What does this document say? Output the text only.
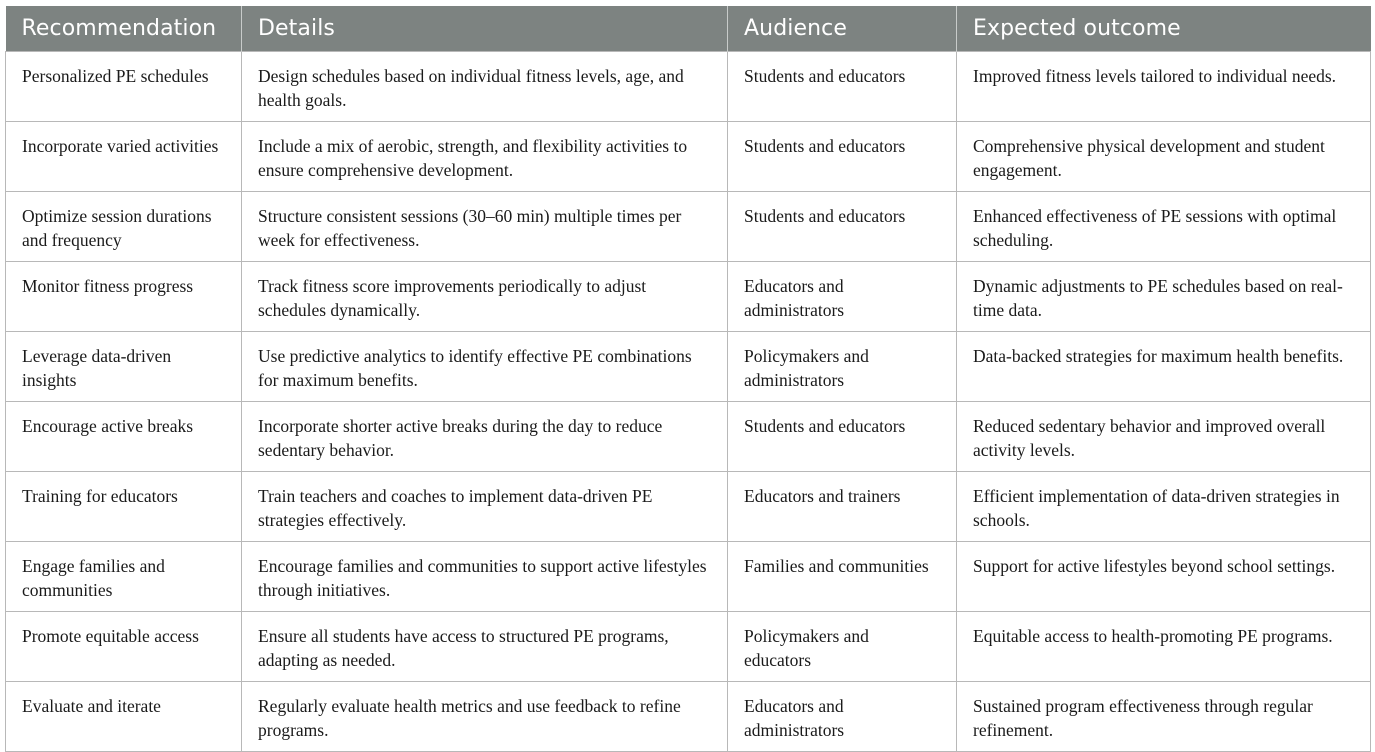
Recommendation	Details	Audience	Expected outcome
Personalized PE schedules	Design schedules based on individual fitness levels, age, and health goals.	Students and educators	Improved fitness levels tailored to individual needs.
Incorporate varied activities	Include a mix of aerobic, strength, and flexibility activities to ensure comprehensive development.	Students and educators	Comprehensive physical development and student engagement.
Optimize session durations and frequency	Structure consistent sessions (30–60 min) multiple times per week for effectiveness.	Students and educators	Enhanced effectiveness of PE sessions with optimal scheduling.
Monitor fitness progress	Track fitness score improvements periodically to adjust schedules dynamically.	Educators and administrators	Dynamic adjustments to PE schedules based on real-time data.
Leverage data-driven insights	Use predictive analytics to identify effective PE combinations for maximum benefits.	Policymakers and administrators	Data-backed strategies for maximum health benefits.
Encourage active breaks	Incorporate shorter active breaks during the day to reduce sedentary behavior.	Students and educators	Reduced sedentary behavior and improved overall activity levels.
Training for educators	Train teachers and coaches to implement data-driven PE strategies effectively.	Educators and trainers	Efficient implementation of data-driven strategies in schools.
Engage families and communities	Encourage families and communities to support active lifestyles through initiatives.	Families and communities	Support for active lifestyles beyond school settings.
Promote equitable access	Ensure all students have access to structured PE programs, adapting as needed.	Policymakers and educators	Equitable access to health-promoting PE programs.
Evaluate and iterate	Regularly evaluate health metrics and use feedback to refine programs.	Educators and administrators	Sustained program effectiveness through regular refinement.
